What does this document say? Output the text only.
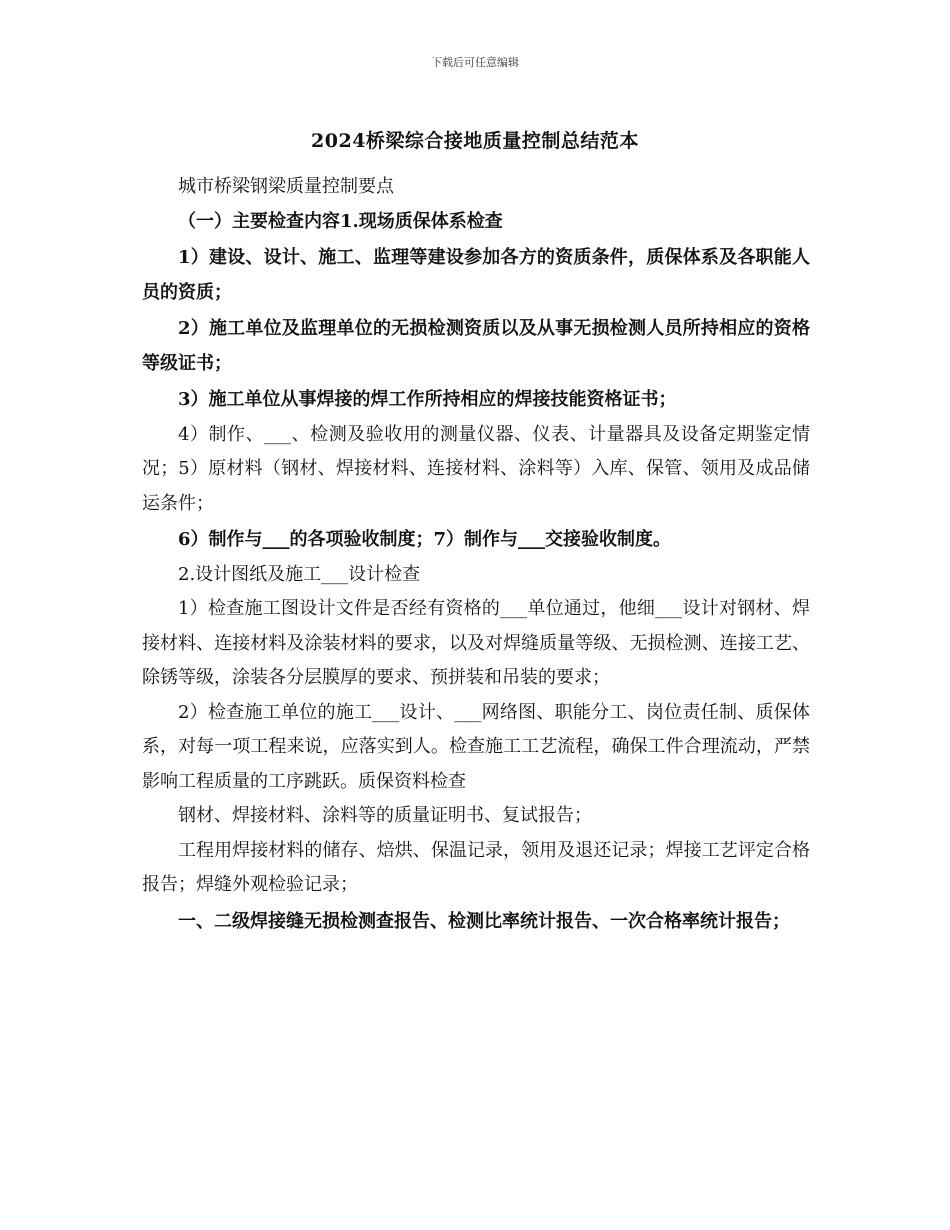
下载后可任意编辑
2024桥梁综合接地质量控制总结范本

城市桥梁钢梁质量控制要点

（一）主要检查内容1.现场质保体系检查

1）建设、设计、施工、监理等建设参加各方的资质条件，质保体系及各职能人员的资质；

2）施工单位及监理单位的无损检测资质以及从事无损检测人员所持相应的资格等级证书；

3）施工单位从事焊接的焊工作所持相应的焊接技能资格证书；

4）制作、___、检测及验收用的测量仪器、仪表、计量器具及设备定期鉴定情况；5）原材料（钢材、焊接材料、连接材料、涂料等）入库、保管、领用及成品储运条件；

6）制作与___的各项验收制度；7）制作与___交接验收制度。

2.设计图纸及施工___设计检查

1）检查施工图设计文件是否经有资格的___单位通过，他细___设计对钢材、焊接材料、连接材料及涂装材料的要求，以及对焊缝质量等级、无损检测、连接工艺、除锈等级，涂装各分层膜厚的要求、预拼装和吊装的要求；

2）检查施工单位的施工___设计、___网络图、职能分工、岗位责任制、质保体系，对每一项工程来说，应落实到人。检查施工工艺流程，确保工件合理流动，严禁影响工程质量的工序跳跃。质保资料检查

钢材、焊接材料、涂料等的质量证明书、复试报告；

工程用焊接材料的储存、焙烘、保温记录，领用及退还记录；焊接工艺评定合格报告；焊缝外观检验记录；

一、二级焊接缝无损检测查报告、检测比率统计报告、一次合格率统计报告；
